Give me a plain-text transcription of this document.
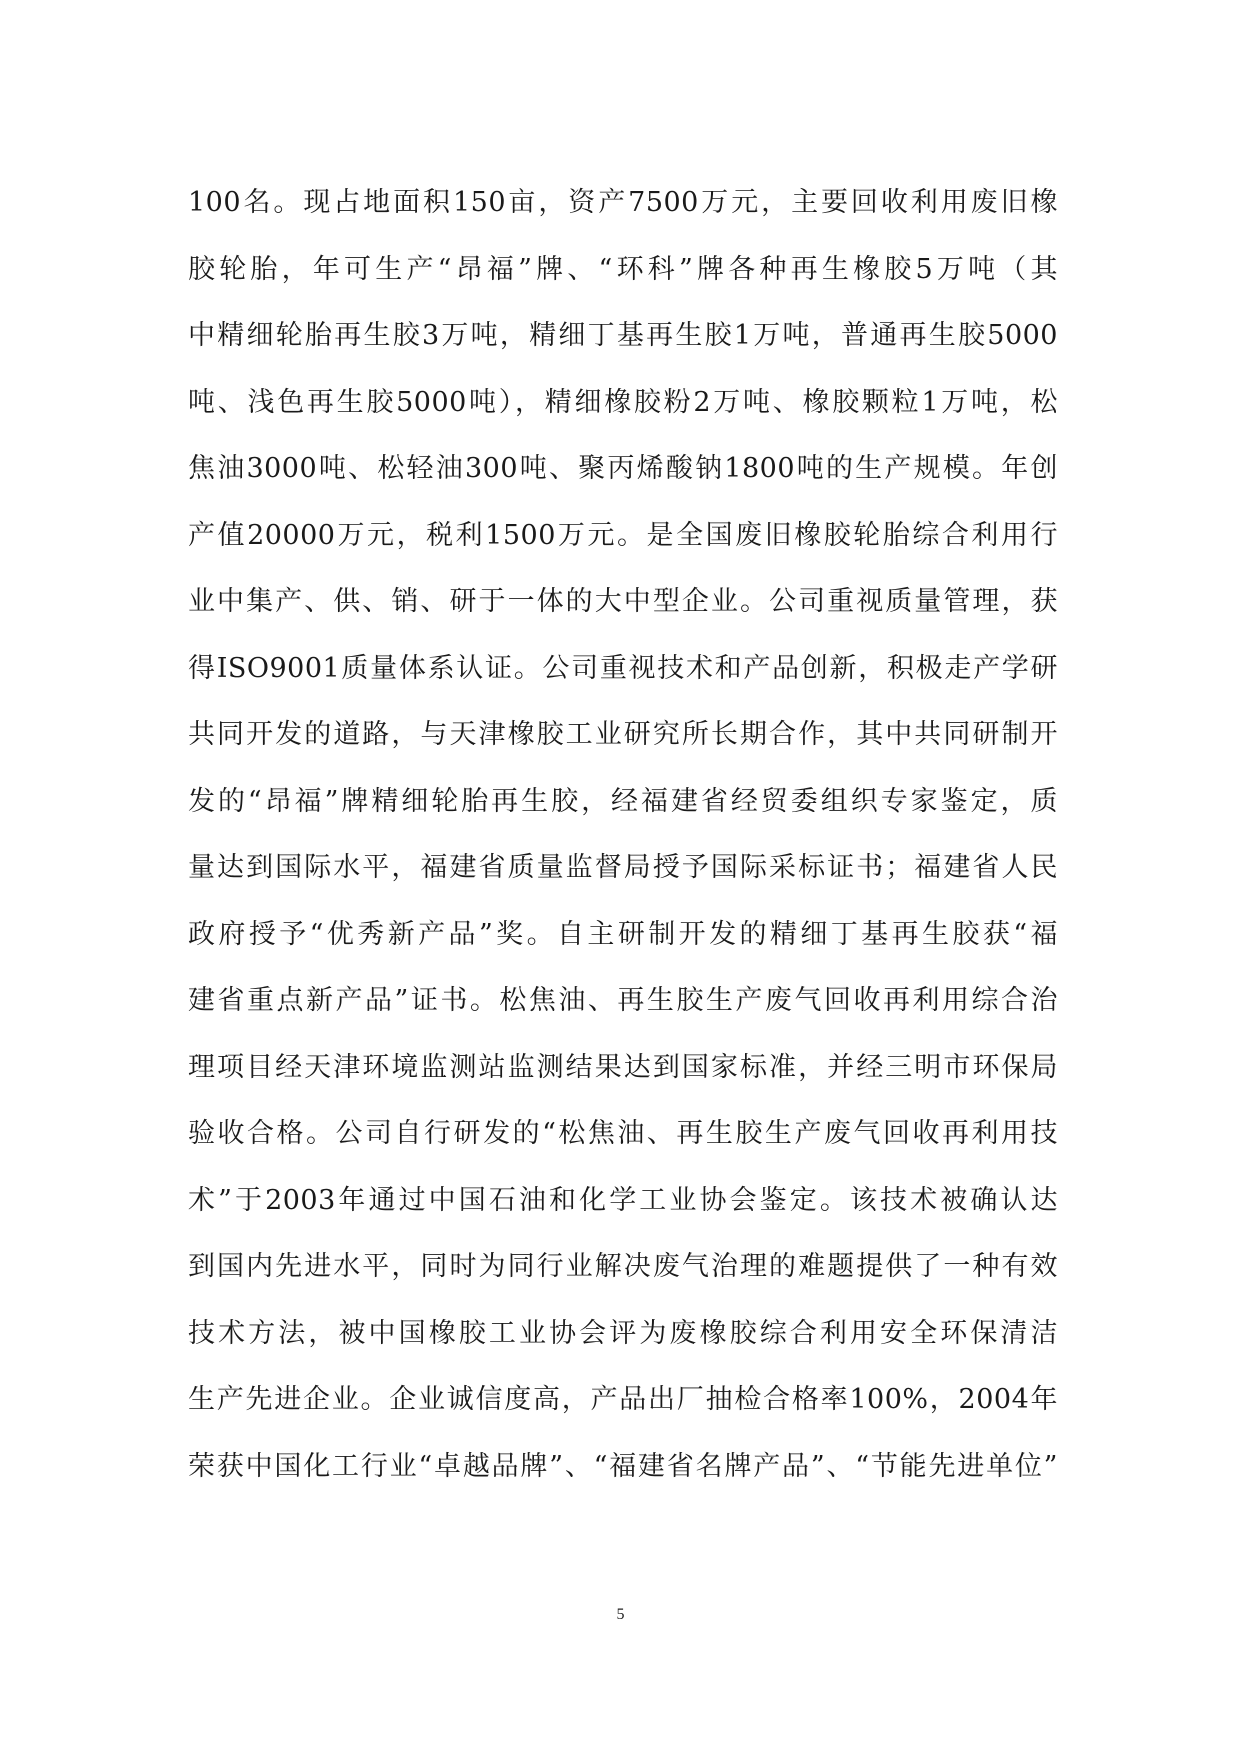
100名。现占地面积150亩，资产7500万元，主要回收利用废旧橡
胶轮胎，年可生产“昂福”牌、“环科”牌各种再生橡胶5万吨（其
中精细轮胎再生胶3万吨，精细丁基再生胶1万吨，普通再生胶5000
吨、浅色再生胶5000吨），精细橡胶粉2万吨、橡胶颗粒1万吨，松
焦油3000吨、松轻油300吨、聚丙烯酸钠1800吨的生产规模。年创
产值20000万元，税利1500万元。是全国废旧橡胶轮胎综合利用行
业中集产、供、销、研于一体的大中型企业。公司重视质量管理，获
得ISO9001质量体系认证。公司重视技术和产品创新，积极走产学研
共同开发的道路，与天津橡胶工业研究所长期合作，其中共同研制开
发的“昂福”牌精细轮胎再生胶，经福建省经贸委组织专家鉴定，质
量达到国际水平，福建省质量监督局授予国际采标证书；福建省人民
政府授予“优秀新产品”奖。自主研制开发的精细丁基再生胶获“福
建省重点新产品”证书。松焦油、再生胶生产废气回收再利用综合治
理项目经天津环境监测站监测结果达到国家标准，并经三明市环保局
验收合格。公司自行研发的“松焦油、再生胶生产废气回收再利用技
术”于2003年通过中国石油和化学工业协会鉴定。该技术被确认达
到国内先进水平，同时为同行业解决废气治理的难题提供了一种有效
技术方法，被中国橡胶工业协会评为废橡胶综合利用安全环保清洁
生产先进企业。企业诚信度高，产品出厂抽检合格率100%，2004年
荣获中国化工行业“卓越品牌”、“福建省名牌产品”、“节能先进单位”
5
